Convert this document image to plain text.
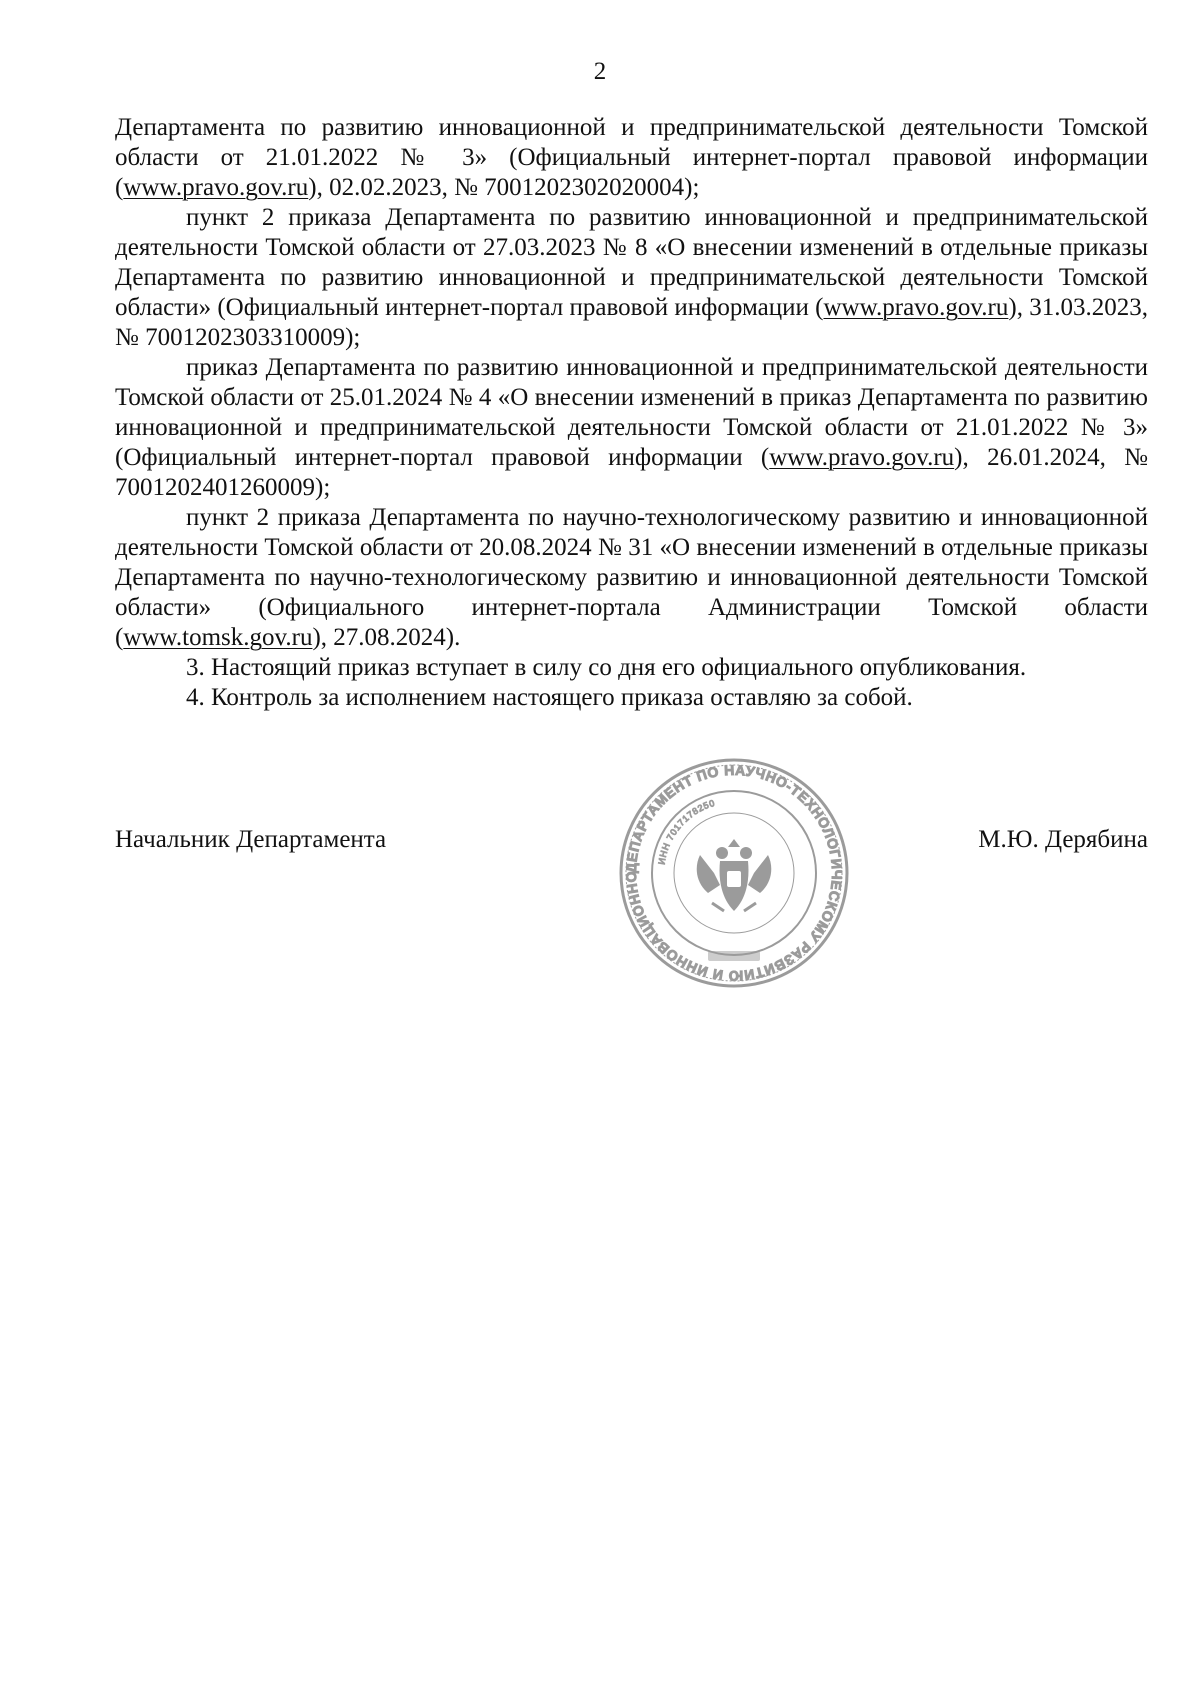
2

Департамента по развитию инновационной и предпринимательской деятельности Томской области от 21.01.2022 № 3» (Официальный интернет-портал правовой информации (www.pravo.gov.ru), 02.02.2023, № 7001202302020004);

пункт 2 приказа Департамента по развитию инновационной и предпринимательской деятельности Томской области от 27.03.2023 № 8 «О внесении изменений в отдельные приказы Департамента по развитию инновационной и предпринимательской деятельности Томской области» (Официальный интернет-портал правовой информации (www.pravo.gov.ru), 31.03.2023, № 7001202303310009);

приказ Департамента по развитию инновационной и предпринимательской деятельности Томской области от 25.01.2024 № 4 «О внесении изменений в приказ Департамента по развитию инновационной и предпринимательской деятельности Томской области от 21.01.2022 № 3» (Официальный интернет-портал правовой информации (www.pravo.gov.ru), 26.01.2024, № 7001202401260009);

пункт 2 приказа Департамента по научно-технологическому развитию и инновационной деятельности Томской области от 20.08.2024 № 31 «О внесении изменений в отдельные приказы Департамента по научно-технологическому развитию и инновационной деятельности Томской области» (Официального интернет-портала Администрации Томской области (www.tomsk.gov.ru), 27.08.2024).

3. Настоящий приказ вступает в силу со дня его официального опубликования.

4. Контроль за исполнением настоящего приказа оставляю за собой.

Начальник Департамента	М.Ю. Дерябина
ДЕПАРТАМЕНТ ПО НАУЧНО-ТЕХНОЛОГИЧЕСКОМУ РАЗВИТИЮ И ИННОВАЦИОННО
ИНН 7017178250
